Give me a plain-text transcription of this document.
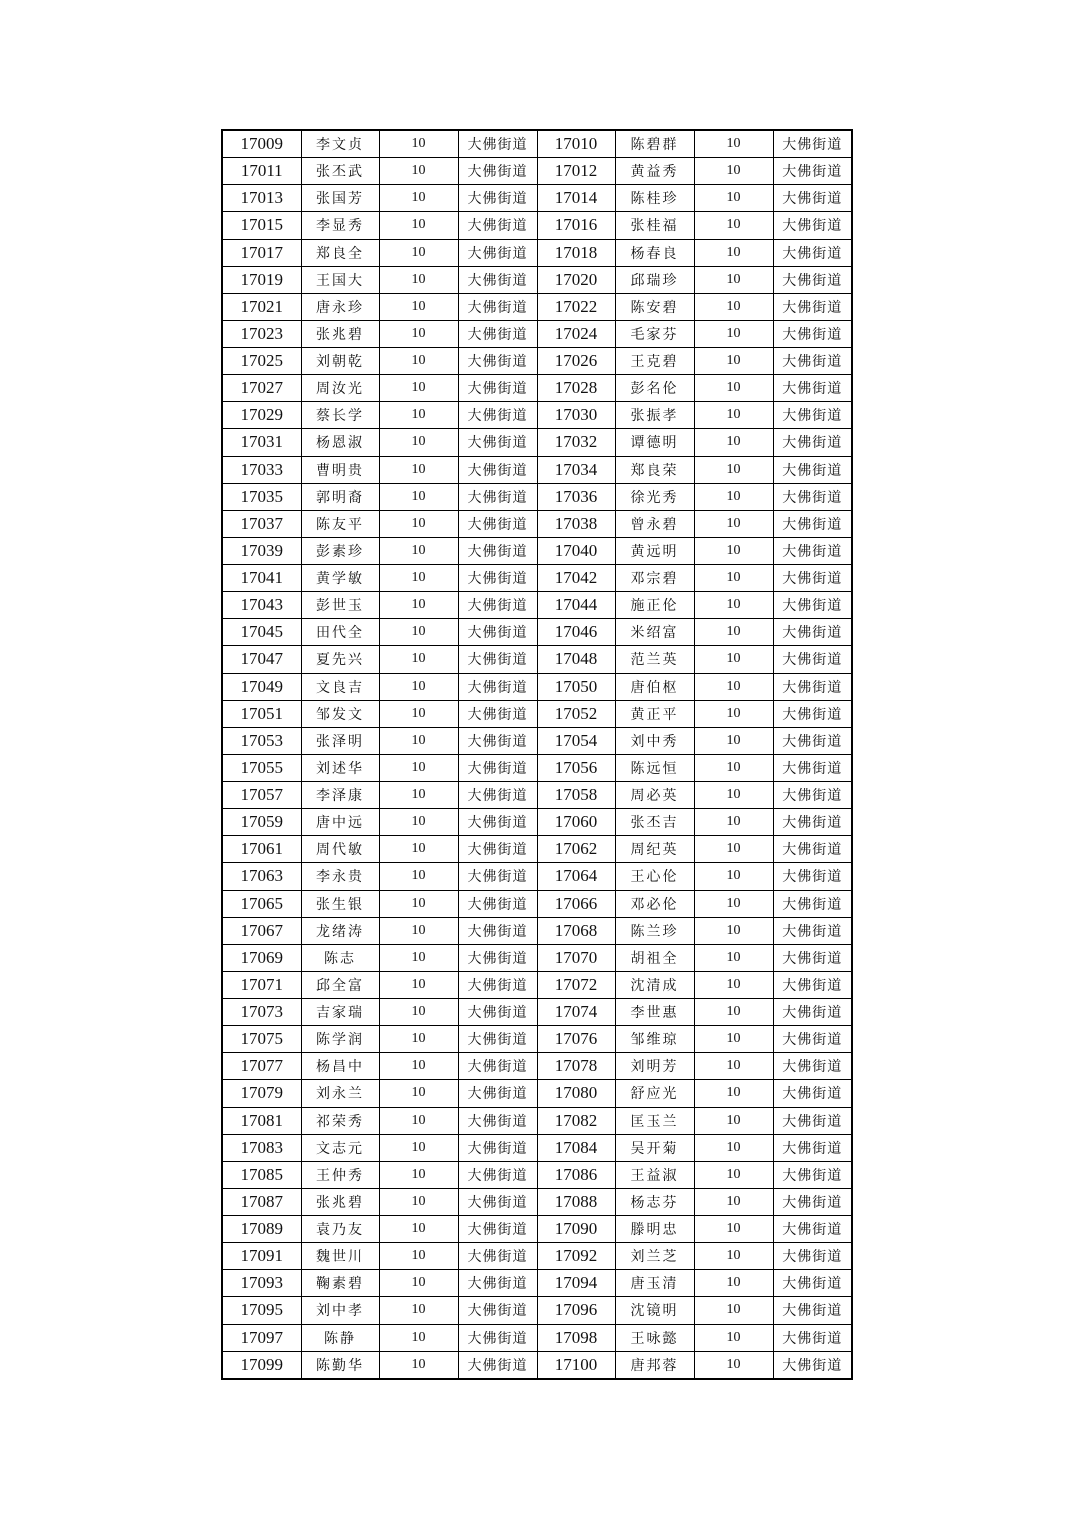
17009	李文贞	10	大佛街道	17010	陈碧群	10	大佛街道
17011	张丕武	10	大佛街道	17012	黄益秀	10	大佛街道
17013	张国芳	10	大佛街道	17014	陈桂珍	10	大佛街道
17015	李显秀	10	大佛街道	17016	张桂福	10	大佛街道
17017	郑良全	10	大佛街道	17018	杨春良	10	大佛街道
17019	王国大	10	大佛街道	17020	邱瑞珍	10	大佛街道
17021	唐永珍	10	大佛街道	17022	陈安碧	10	大佛街道
17023	张兆碧	10	大佛街道	17024	毛家芬	10	大佛街道
17025	刘朝乾	10	大佛街道	17026	王克碧	10	大佛街道
17027	周汝光	10	大佛街道	17028	彭名伦	10	大佛街道
17029	蔡长学	10	大佛街道	17030	张振孝	10	大佛街道
17031	杨恩淑	10	大佛街道	17032	谭德明	10	大佛街道
17033	曹明贵	10	大佛街道	17034	郑良荣	10	大佛街道
17035	郭明裔	10	大佛街道	17036	徐光秀	10	大佛街道
17037	陈友平	10	大佛街道	17038	曾永碧	10	大佛街道
17039	彭素珍	10	大佛街道	17040	黄远明	10	大佛街道
17041	黄学敏	10	大佛街道	17042	邓宗碧	10	大佛街道
17043	彭世玉	10	大佛街道	17044	施正伦	10	大佛街道
17045	田代全	10	大佛街道	17046	米绍富	10	大佛街道
17047	夏先兴	10	大佛街道	17048	范兰英	10	大佛街道
17049	文良吉	10	大佛街道	17050	唐伯枢	10	大佛街道
17051	邹发文	10	大佛街道	17052	黄正平	10	大佛街道
17053	张泽明	10	大佛街道	17054	刘中秀	10	大佛街道
17055	刘述华	10	大佛街道	17056	陈远恒	10	大佛街道
17057	李泽康	10	大佛街道	17058	周必英	10	大佛街道
17059	唐中远	10	大佛街道	17060	张丕吉	10	大佛街道
17061	周代敏	10	大佛街道	17062	周纪英	10	大佛街道
17063	李永贵	10	大佛街道	17064	王心伦	10	大佛街道
17065	张生银	10	大佛街道	17066	邓必伦	10	大佛街道
17067	龙绪涛	10	大佛街道	17068	陈兰珍	10	大佛街道
17069	陈志	10	大佛街道	17070	胡祖全	10	大佛街道
17071	邱全富	10	大佛街道	17072	沈清成	10	大佛街道
17073	吉家瑞	10	大佛街道	17074	李世惠	10	大佛街道
17075	陈学润	10	大佛街道	17076	邹维琼	10	大佛街道
17077	杨昌中	10	大佛街道	17078	刘明芳	10	大佛街道
17079	刘永兰	10	大佛街道	17080	舒应光	10	大佛街道
17081	祁荣秀	10	大佛街道	17082	匡玉兰	10	大佛街道
17083	文志元	10	大佛街道	17084	吴开菊	10	大佛街道
17085	王仲秀	10	大佛街道	17086	王益淑	10	大佛街道
17087	张兆碧	10	大佛街道	17088	杨志芬	10	大佛街道
17089	袁乃友	10	大佛街道	17090	滕明忠	10	大佛街道
17091	魏世川	10	大佛街道	17092	刘兰芝	10	大佛街道
17093	鞠素碧	10	大佛街道	17094	唐玉清	10	大佛街道
17095	刘中孝	10	大佛街道	17096	沈镜明	10	大佛街道
17097	陈静	10	大佛街道	17098	王咏懿	10	大佛街道
17099	陈勤华	10	大佛街道	17100	唐邦蓉	10	大佛街道
